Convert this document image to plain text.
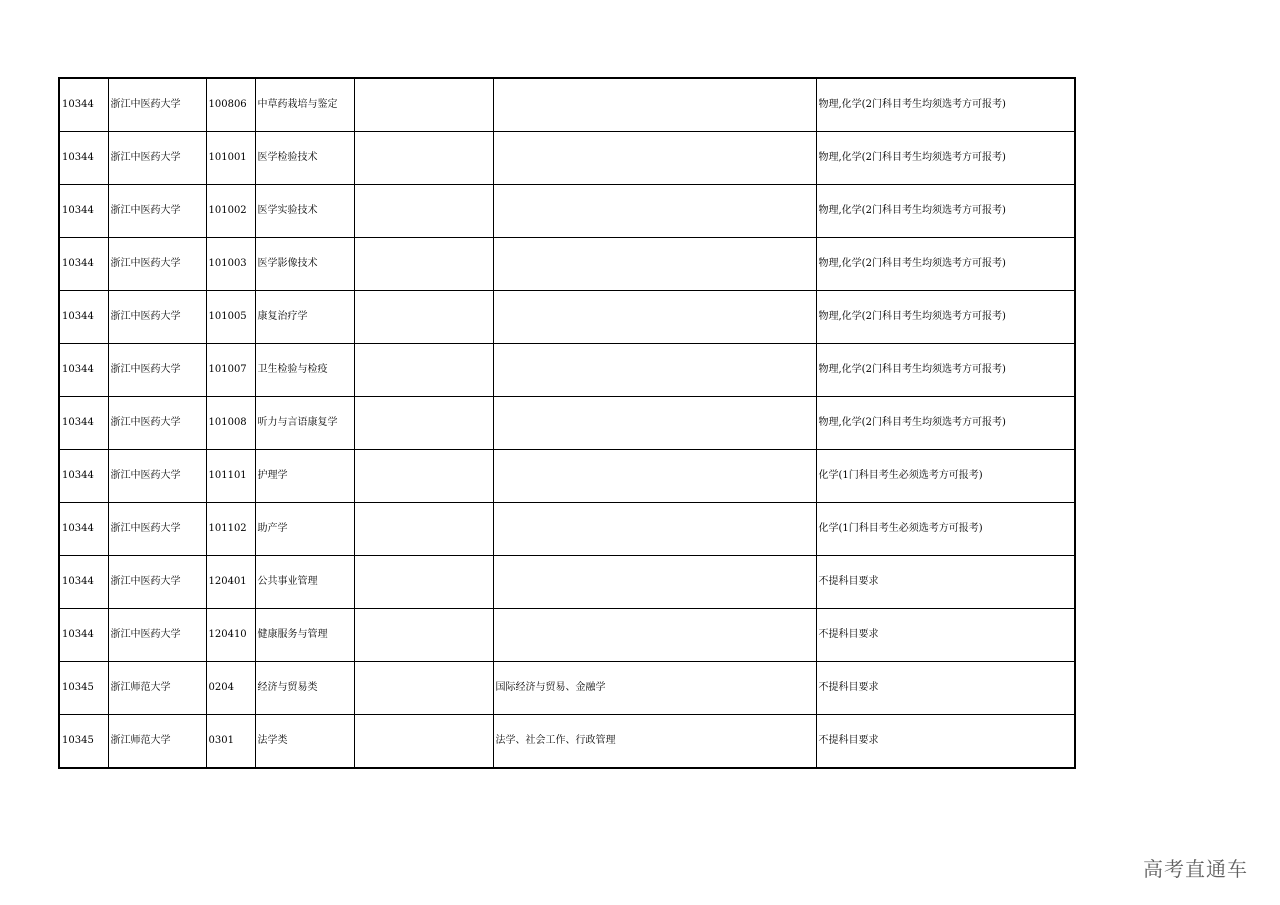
10344	浙江中医药大学	100806	中草药栽培与鉴定			物理,化学(2门科目考生均须选考方可报考)
10344	浙江中医药大学	101001	医学检验技术			物理,化学(2门科目考生均须选考方可报考)
10344	浙江中医药大学	101002	医学实验技术			物理,化学(2门科目考生均须选考方可报考)
10344	浙江中医药大学	101003	医学影像技术			物理,化学(2门科目考生均须选考方可报考)
10344	浙江中医药大学	101005	康复治疗学			物理,化学(2门科目考生均须选考方可报考)
10344	浙江中医药大学	101007	卫生检验与检疫			物理,化学(2门科目考生均须选考方可报考)
10344	浙江中医药大学	101008	听力与言语康复学			物理,化学(2门科目考生均须选考方可报考)
10344	浙江中医药大学	101101	护理学			化学(1门科目考生必须选考方可报考)
10344	浙江中医药大学	101102	助产学			化学(1门科目考生必须选考方可报考)
10344	浙江中医药大学	120401	公共事业管理			不提科目要求
10344	浙江中医药大学	120410	健康服务与管理			不提科目要求
10345	浙江师范大学	0204	经济与贸易类		国际经济与贸易、金融学	不提科目要求
10345	浙江师范大学	0301	法学类		法学、社会工作、行政管理	不提科目要求
高考直通车
